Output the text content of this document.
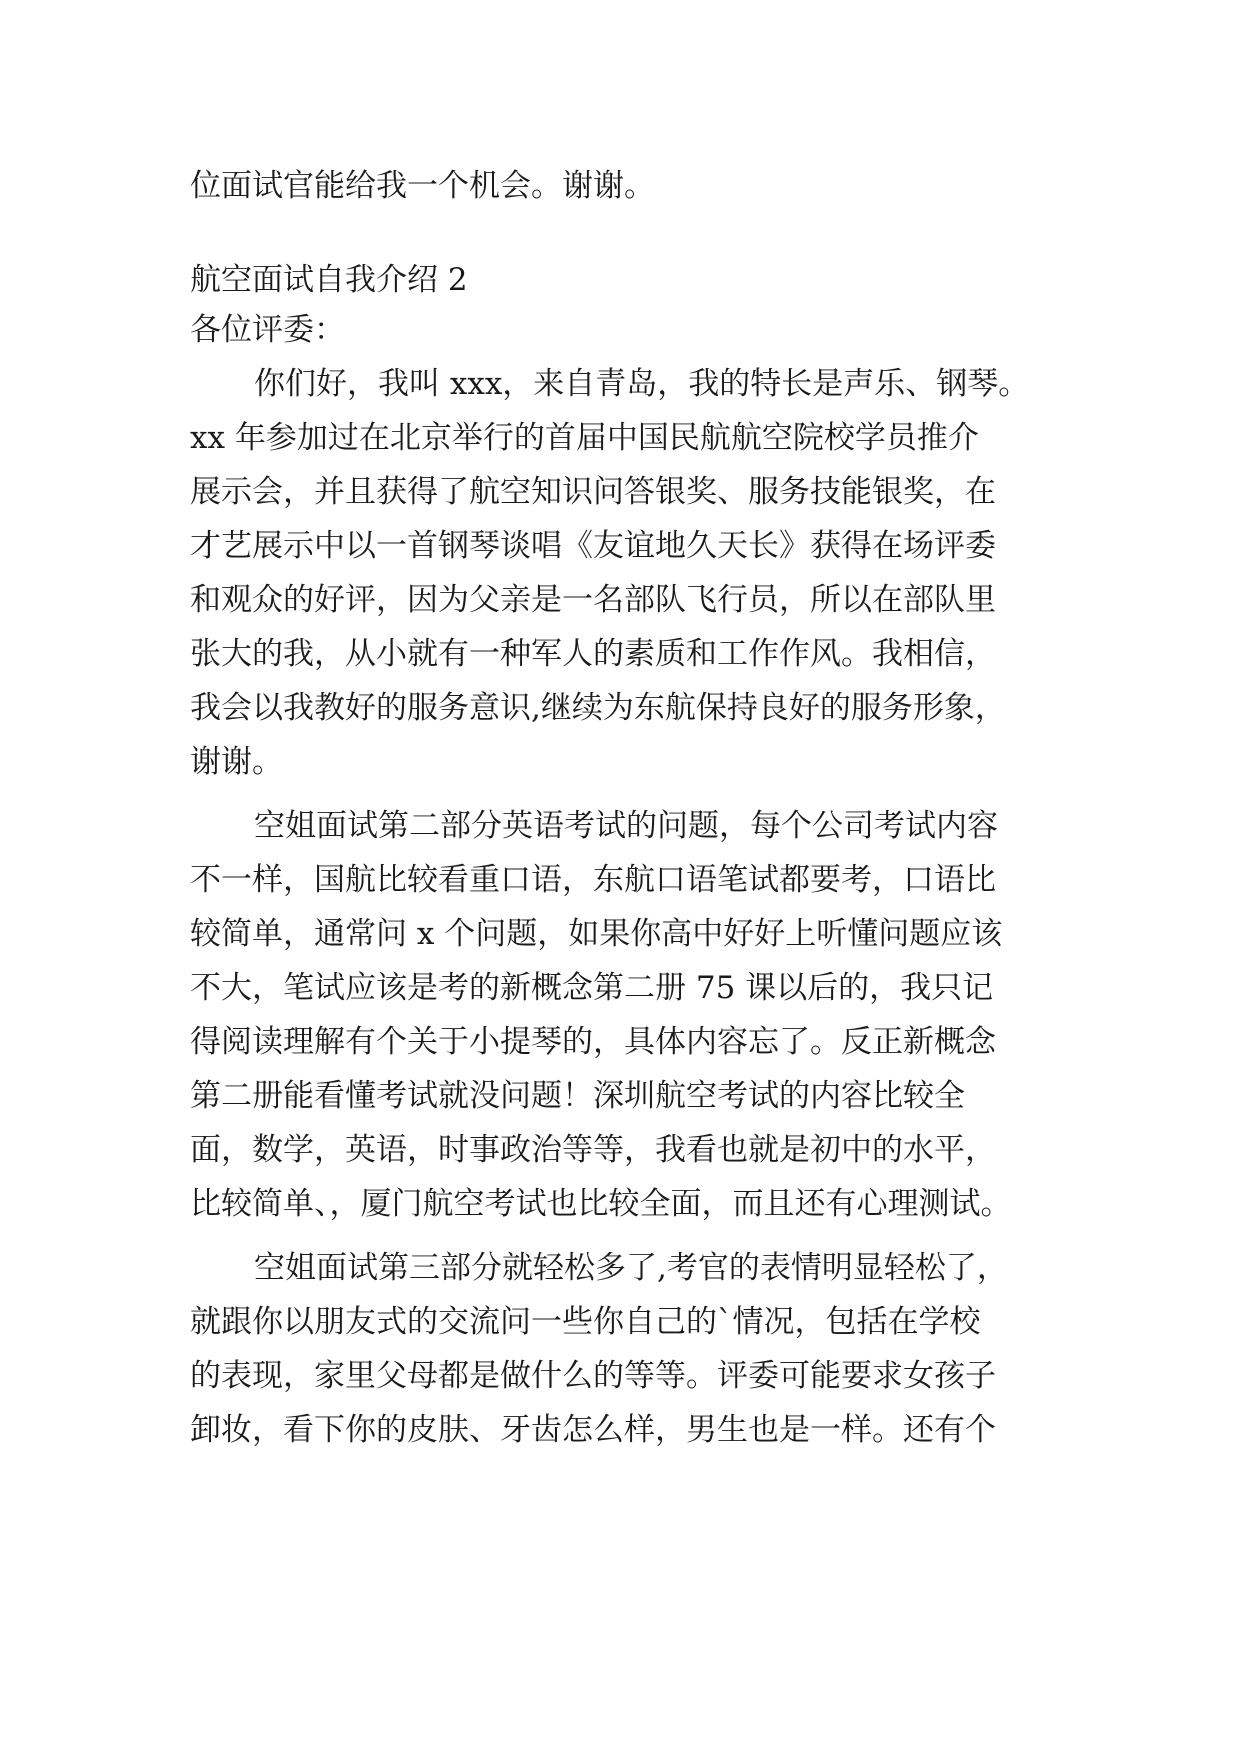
位面试官能给我一个机会。谢谢。
航空面试自我介绍 2
各位评委：
你们好，我叫 xxx，来自青岛，我的特长是声乐、钢琴。
xx 年参加过在北京举行的首届中国民航航空院校学员推介
展示会，并且获得了航空知识问答银奖、服务技能银奖，在
才艺展示中以一首钢琴谈唱《友谊地久天长》获得在场评委
和观众的好评，因为父亲是一名部队飞行员，所以在部队里
张大的我，从小就有一种军人的素质和工作作风。我相信，
我会以我教好的服务意识,继续为东航保持良好的服务形象，
谢谢。
空姐面试第二部分英语考试的问题，每个公司考试内容
不一样，国航比较看重口语，东航口语笔试都要考，口语比
较简单，通常问 x 个问题，如果你高中好好上听懂问题应该
不大，笔试应该是考的新概念第二册 75 课以后的，我只记
得阅读理解有个关于小提琴的，具体内容忘了。反正新概念
第二册能看懂考试就没问题！深圳航空考试的内容比较全
面，数学，英语，时事政治等等，我看也就是初中的水平，
比较简单、，厦门航空考试也比较全面，而且还有心理测试。
空姐面试第三部分就轻松多了,考官的表情明显轻松了，
就跟你以朋友式的交流问一些你自己的`情况，包括在学校
的表现，家里父母都是做什么的等等。评委可能要求女孩子
卸妆，看下你的皮肤、牙齿怎么样，男生也是一样。还有个
